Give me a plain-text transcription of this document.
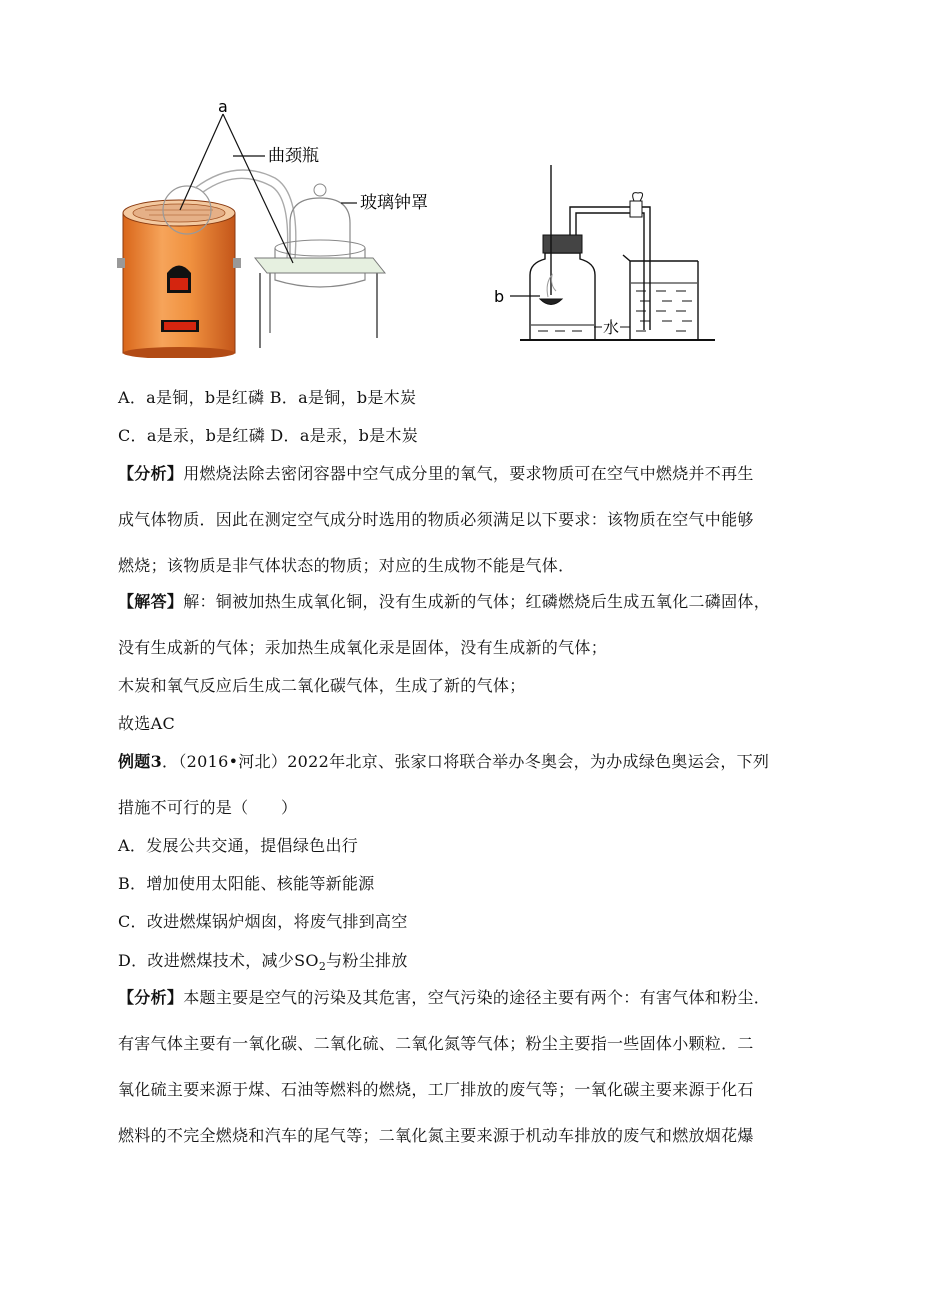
a
曲颈瓶
玻璃钟罩
b
水
A．a是铜，b是红磷 B．a是铜，b是木炭
C．a是汞，b是红磷 D．a是汞，b是木炭
【分析】用燃烧法除去密闭容器中空气成分里的氧气，要求物质可在空气中燃烧并不再生
成气体物质．因此在测定空气成分时选用的物质必须满足以下要求：该物质在空气中能够
燃烧；该物质是非气体状态的物质；对应的生成物不能是气体．
【解答】解：铜被加热生成氧化铜，没有生成新的气体；红磷燃烧后生成五氧化二磷固体，
没有生成新的气体；汞加热生成氧化汞是固体，没有生成新的气体；
木炭和氧气反应后生成二氧化碳气体，生成了新的气体；
故选AC
例题3．（2016•河北）2022年北京、张家口将联合举办冬奥会，为办成绿色奥运会，下列
措施不可行的是（　　）
A．发展公共交通，提倡绿色出行
B．增加使用太阳能、核能等新能源
C．改进燃煤锅炉烟囱，将废气排到高空
D．改进燃煤技术，减少$SO_2$与粉尘排放
【分析】本题主要是空气的污染及其危害，空气污染的途径主要有两个：有害气体和粉尘．
有害气体主要有一氧化碳、二氧化硫、二氧化氮等气体；粉尘主要指一些固体小颗粒．二
氧化硫主要来源于煤、石油等燃料的燃烧，工厂排放的废气等；一氧化碳主要来源于化石
燃料的不完全燃烧和汽车的尾气等；二氧化氮主要来源于机动车排放的废气和燃放烟花爆
